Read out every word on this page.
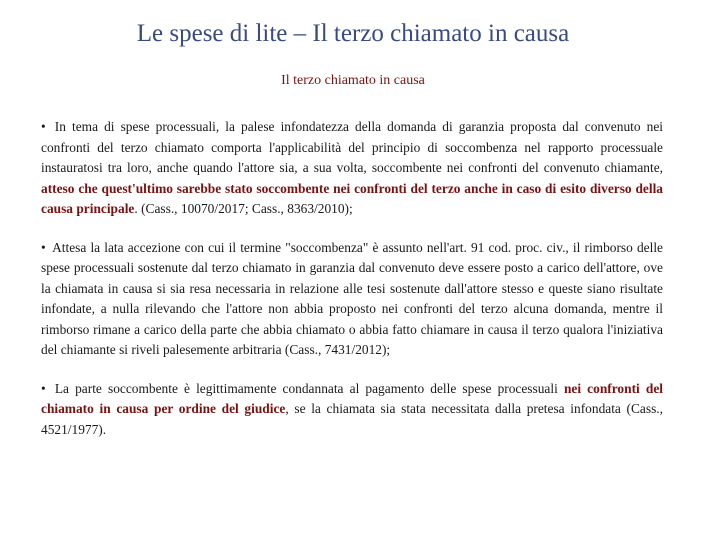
Le spese di lite – Il terzo chiamato in causa
Il terzo chiamato in causa

• In tema di spese processuali, la palese infondatezza della domanda di garanzia proposta dal convenuto nei confronti del terzo chiamato comporta l'applicabilità del principio di soccombenza nel rapporto processuale instauratosi tra loro, anche quando l'attore sia, a sua volta, soccombente nei confronti del convenuto chiamante, atteso che quest'ultimo sarebbe stato soccombente nei confronti del terzo anche in caso di esito diverso della causa principale. (Cass., 10070/2017; Cass., 8363/2010);

• Attesa la lata accezione con cui il termine "soccombenza" è assunto nell'art. 91 cod. proc. civ., il rimborso delle spese processuali sostenute dal terzo chiamato in garanzia dal convenuto deve essere posto a carico dell'attore, ove la chiamata in causa si sia resa necessaria in relazione alle tesi sostenute dall'attore stesso e queste siano risultate infondate, a nulla rilevando che l'attore non abbia proposto nei confronti del terzo alcuna domanda, mentre il rimborso rimane a carico della parte che abbia chiamato o abbia fatto chiamare in causa il terzo qualora l'iniziativa del chiamante si riveli palesemente arbitraria (Cass., 7431/2012);

• La parte soccombente è legittimamente condannata al pagamento delle spese processuali nei confronti del chiamato in causa per ordine del giudice, se la chiamata sia stata necessitata dalla pretesa infondata (Cass., 4521/1977).
